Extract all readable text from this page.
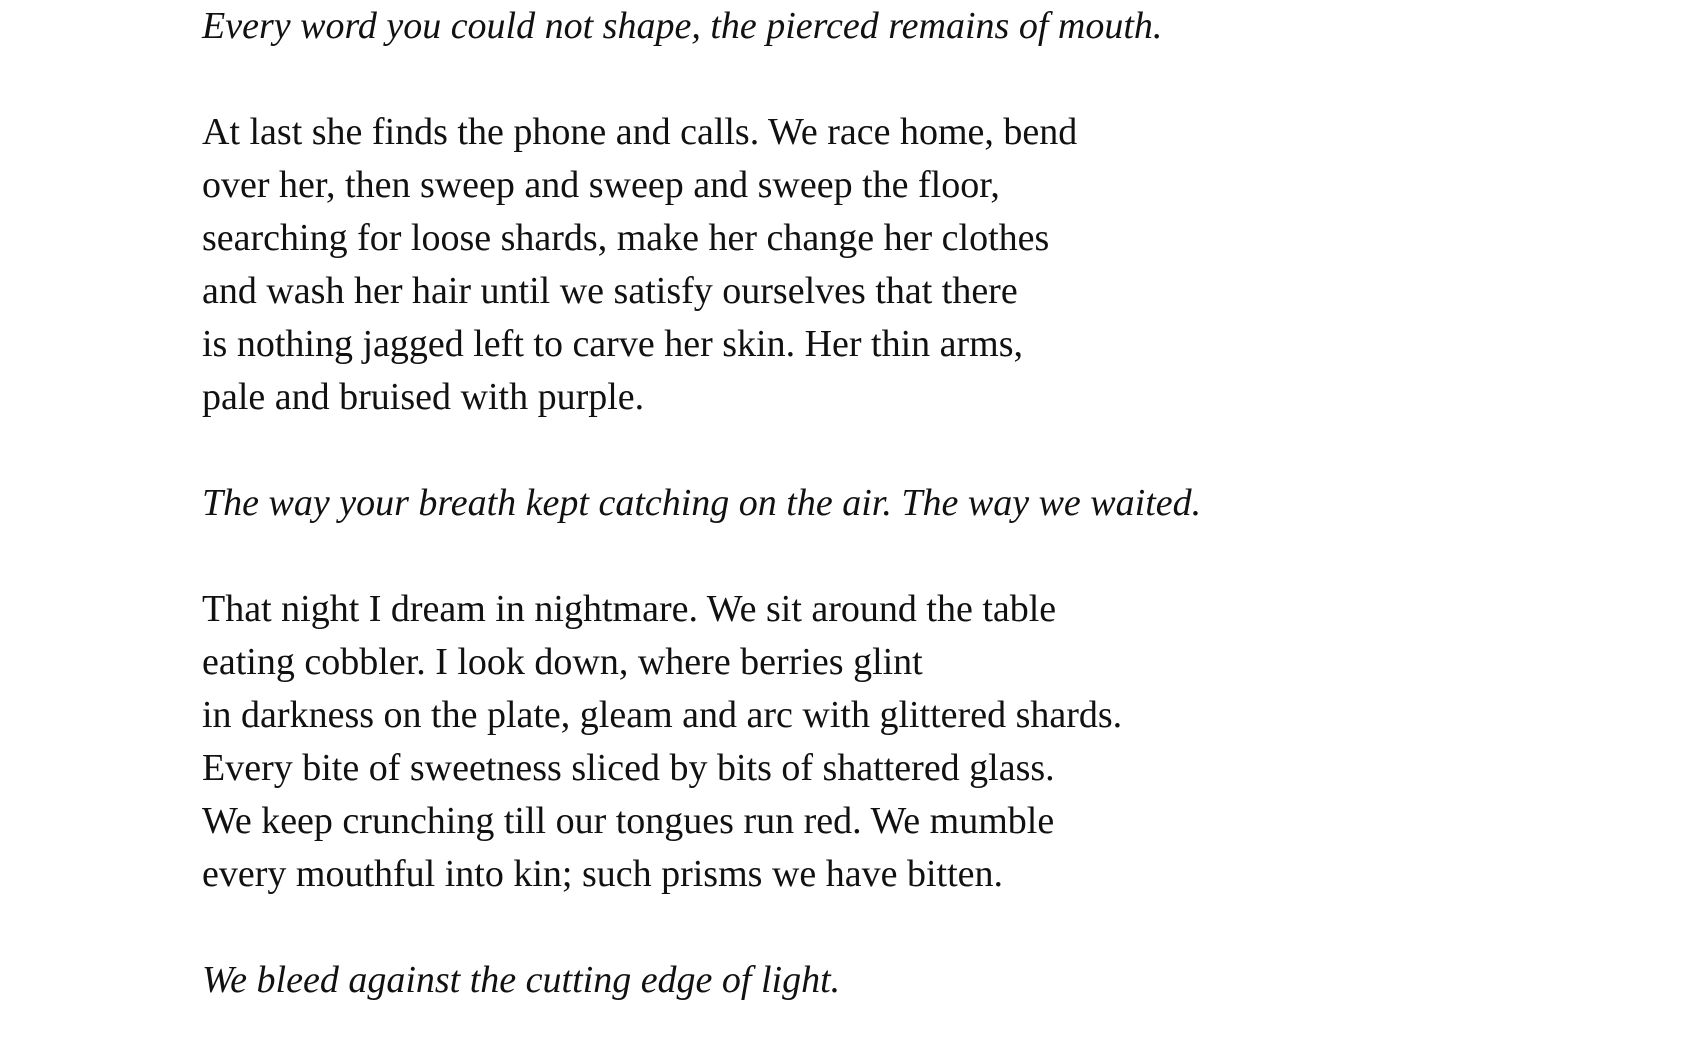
Every word you could not shape, the pierced remains of mouth.
At last she finds the phone and calls. We race home, bend
over her, then sweep and sweep and sweep the floor,
searching for loose shards, make her change her clothes
and wash her hair until we satisfy ourselves that there
is nothing jagged left to carve her skin. Her thin arms,
pale and bruised with purple.
The way your breath kept catching on the air. The way we waited.
That night I dream in nightmare. We sit around the table
eating cobbler. I look down, where berries glint
in darkness on the plate, gleam and arc with glittered shards.
Every bite of sweetness sliced by bits of shattered glass.
We keep crunching till our tongues run red. We mumble
every mouthful into kin; such prisms we have bitten.
We bleed against the cutting edge of light.
